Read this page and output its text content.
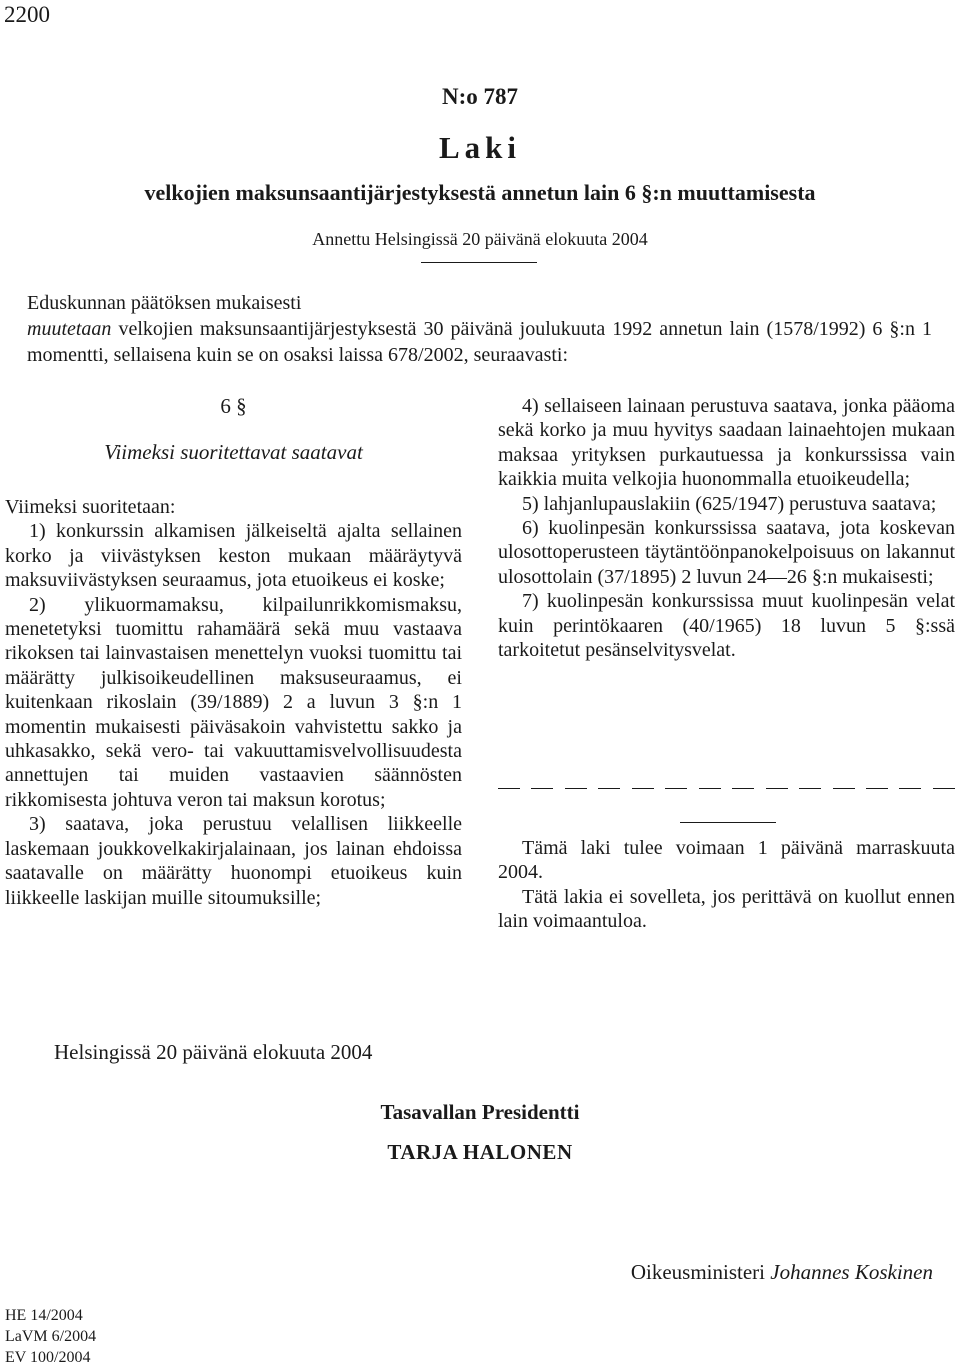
2200
N:o 787
Laki
velkojien maksunsaantijärjestyksestä annetun lain 6 §:n muuttamisesta
Annettu Helsingissä 20 päivänä elokuuta 2004

Eduskunnan päätöksen mukaisesti

muutetaan velkojien maksunsaantijärjestyksestä 30 päivänä joulukuuta 1992 annetun lain (1578/1992) 6 §:n 1 momentti, sellaisena kuin se on osaksi laissa 678/2002, seuraavasti:

6 §
Viimeksi suoritettavat saatavat

Viimeksi suoritetaan:

1) konkurssin alkamisen jälkeiseltä ajalta sellainen korko ja viivästyksen keston mukaan määräytyvä maksuviivästyksen seuraamus, jota etuoikeus ei koske;

2) ylikuormamaksu, kilpailunrikkomismaksu, menetetyksi tuomittu rahamäärä sekä muu vastaava rikoksen tai lainvastaisen menettelyn vuoksi tuomittu tai määrätty julkisoikeudellinen maksuseuraamus, ei kuitenkaan rikoslain (39/1889) 2 a luvun 3 §:n 1 momentin mukaisesti päiväsakoin vahvistettu sakko ja uhkasakko, sekä vero- tai vakuuttamisvelvollisuudesta annettujen tai muiden vastaavien säännösten rikkomisesta johtuva veron tai maksun korotus;

3) saatava, joka perustuu velallisen liikkeelle laskemaan joukkovelkakirjalainaan, jos lainan ehdoissa saatavalle on määrätty huonompi etuoikeus kuin liikkeelle laskijan muille sitoumuksille;

4) sellaiseen lainaan perustuva saatava, jonka pääoma sekä korko ja muu hyvitys saadaan lainaehtojen mukaan maksaa yrityksen purkautuessa ja konkurssissa vain kaikkia muita velkojia huonommalla etuoikeudella;

5) lahjanlupauslakiin (625/1947) perustuva saatava;

6) kuolinpesän konkurssissa saatava, jota koskevan ulosottoperusteen täytäntöönpanokelpoisuus on lakannut ulosottolain (37/1895) 2 luvun 24—26 §:n mukaisesti;

7) kuolinpesän konkurssissa muut kuolinpesän velat kuin perintökaaren (40/1965) 18 luvun 5 §:ssä tarkoitetut pesänselvitysvelat.

Tämä laki tulee voimaan 1 päivänä marraskuuta 2004.

Tätä lakia ei sovelleta, jos perittävä on kuollut ennen lain voimaantuloa.

Helsingissä 20 päivänä elokuuta 2004
Tasavallan Presidentti
TARJA HALONEN
Oikeusministeri Johannes Koskinen
HE 14/2004
LaVM 6/2004
EV 100/2004
